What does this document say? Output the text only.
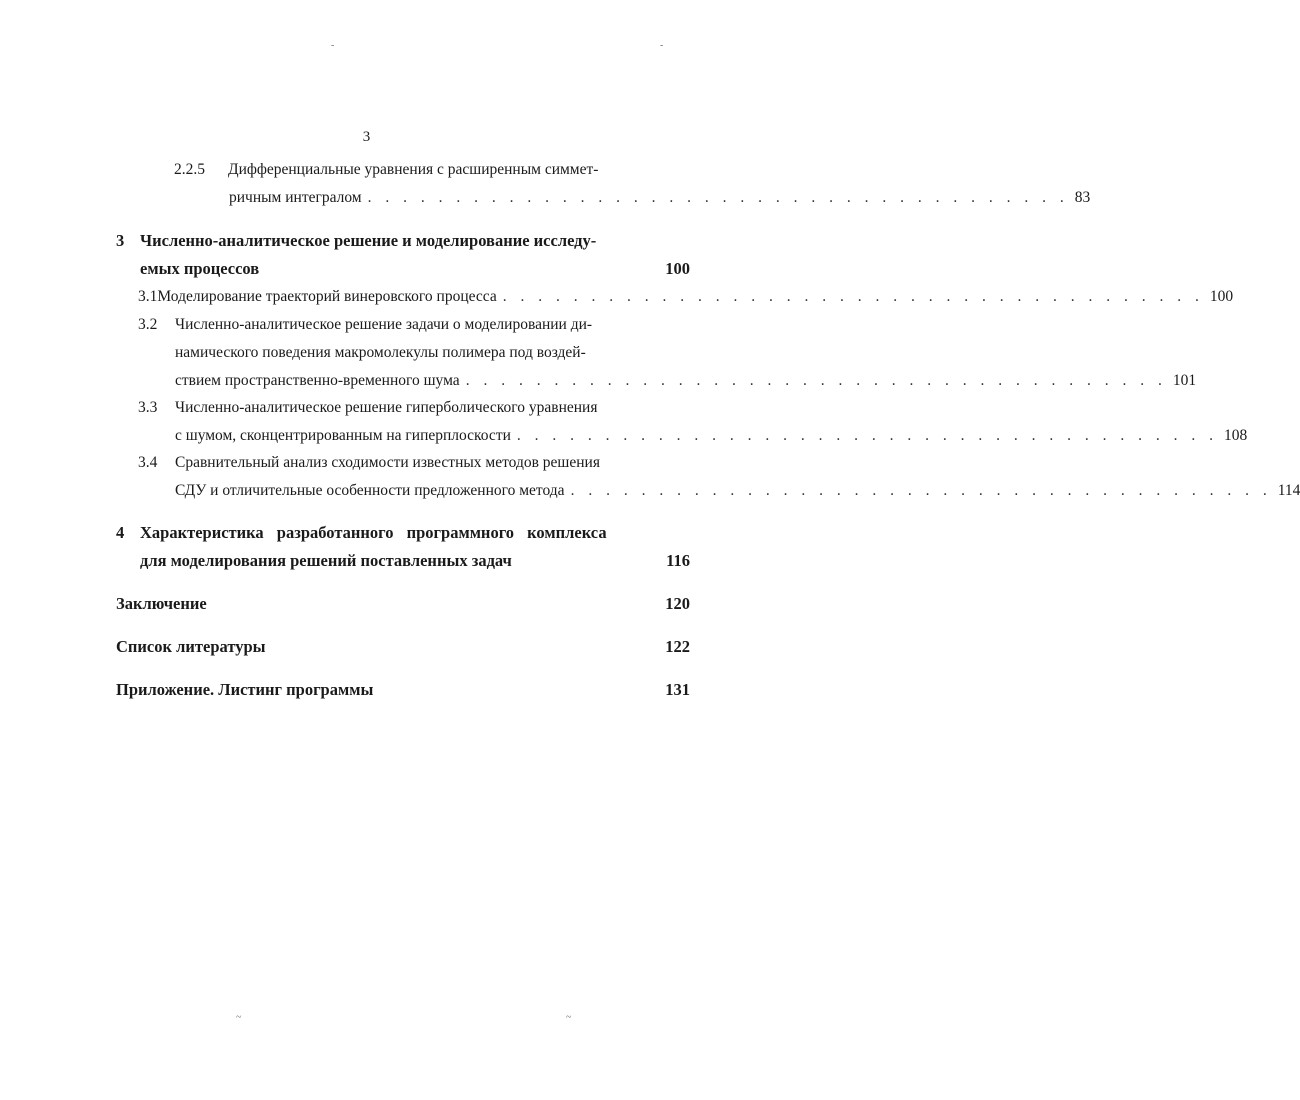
-	-
~	~
3
2.2.5	Дифференциальные уравнения с расширенным симмет-
ричным интегралом . . . . . . . . . . . . . . . . . . . . . . . . . . . . . . . . . . . . . . . . 83
3 Численно-аналитическое решение и моделирование исследу-
емых процессов	100
3.1 Моделирование траекторий винеровского процесса . . . . . . . . . . . . . . . . . . . . . . . . . . . . . . . . . . . . . . . . 100
3.2	Численно-аналитическое решение задачи о моделировании ди-
намического поведения макромолекулы полимера под воздей-
ствием пространственно-временного шума . . . . . . . . . . . . . . . . . . . . . . . . . . . . . . . . . . . . . . . . 101
3.3	Численно-аналитическое решение гиперболического уравнения
с шумом, сконцентрированным на гиперплоскости . . . . . . . . . . . . . . . . . . . . . . . . . . . . . . . . . . . . . . . . 108
3.4	Сравнительный анализ сходимости известных методов решения
СДУ и отличительные особенности предложенного метода . . . . . . . . . . . . . . . . . . . . . . . . . . . . . . . . . . . . . . . . 114
4 Характеристика разработанного программного комплекса
для моделирования решений поставленных задач	116
Заключение	120
Список литературы	122
Приложение. Листинг программы	131
